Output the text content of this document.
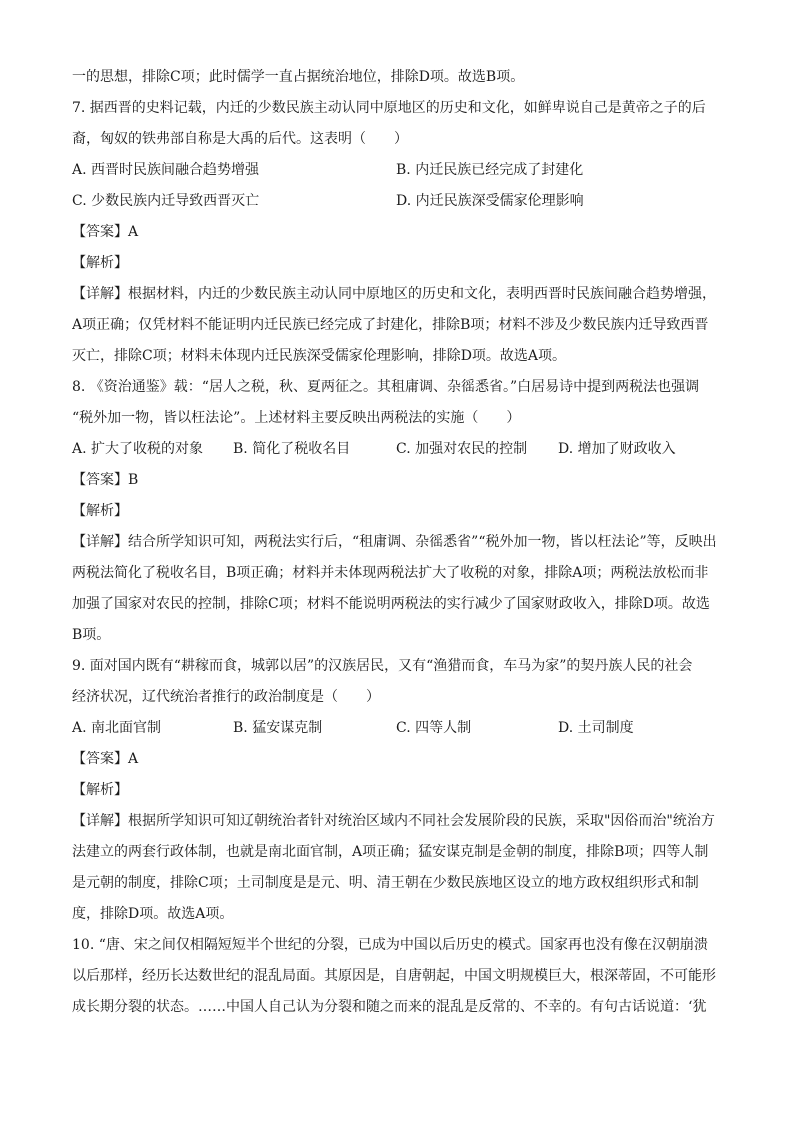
一的思想，排除C项；此时儒学一直占据统治地位，排除D项。故选B项。
7. 据西晋的史料记载，内迁的少数民族主动认同中原地区的历史和文化，如鲜卑说自己是黄帝之子的后
裔，匈奴的铁弗部自称是大禹的后代。这表明（　　）
A. 西晋时民族间融合趋势增强	B. 内迁民族已经完成了封建化
C. 少数民族内迁导致西晋灭亡	D. 内迁民族深受儒家伦理影响
【答案】A
【解析】
【详解】根据材料，内迁的少数民族主动认同中原地区的历史和文化，表明西晋时民族间融合趋势增强，
A项正确；仅凭材料不能证明内迁民族已经完成了封建化，排除B项；材料不涉及少数民族内迁导致西晋
灭亡，排除C项；材料未体现内迁民族深受儒家伦理影响，排除D项。故选A项。
8. 《资治通鉴》载：“居人之税，秋、夏两征之。其租庸调、杂徭悉省。”白居易诗中提到两税法也强调
“税外加一物，皆以枉法论”。上述材料主要反映出两税法的实施（　　）
A. 扩大了收税的对象 B. 简化了税收名目	C. 加强对农民的控制 D. 增加了财政收入
【答案】B
【解析】
【详解】结合所学知识可知，两税法实行后，“租庸调、杂徭悉省”“税外加一物，皆以枉法论”等，反映出
两税法简化了税收名目，B项正确；材料并未体现两税法扩大了收税的对象，排除A项；两税法放松而非
加强了国家对农民的控制，排除C项；材料不能说明两税法的实行减少了国家财政收入，排除D项。故选
B项。
9. 面对国内既有“耕稼而食，城郭以居”的汉族居民，又有“渔猎而食，车马为家”的契丹族人民的社会
经济状况，辽代统治者推行的政治制度是（　　）
A. 南北面官制	B. 猛安谋克制	C. 四等人制	D. 土司制度
【答案】A
【解析】
【详解】根据所学知识可知辽朝统治者针对统治区域内不同社会发展阶段的民族，采取"因俗而治"统治方
法建立的两套行政体制，也就是南北面官制，A项正确；猛安谋克制是金朝的制度，排除B项；四等人制
是元朝的制度，排除C项；土司制度是是元、明、清王朝在少数民族地区设立的地方政权组织形式和制
度，排除D项。故选A项。
10. “唐、宋之间仅相隔短短半个世纪的分裂，已成为中国以后历史的模式。国家再也没有像在汉朝崩溃
以后那样，经历长达数世纪的混乱局面。其原因是，自唐朝起，中国文明规模巨大，根深蒂固，不可能形
成长期分裂的状态。……中国人自己认为分裂和随之而来的混乱是反常的、不幸的。有句古话说道：‘犹
